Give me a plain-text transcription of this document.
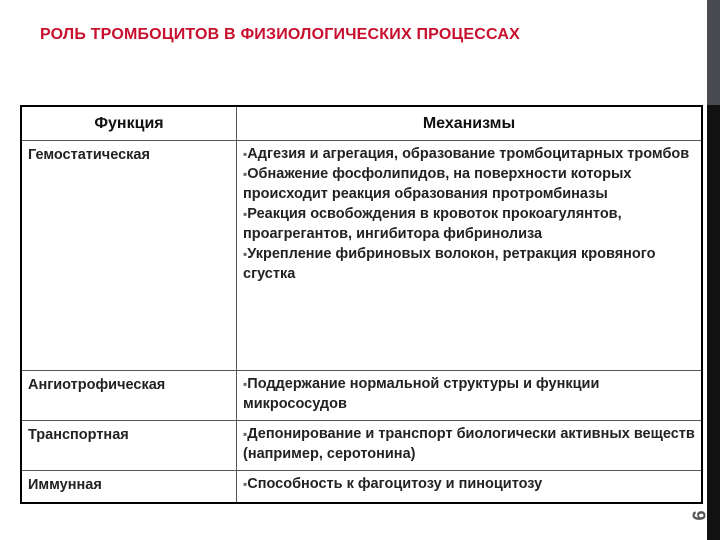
РОЛЬ ТРОМБОЦИТОВ В ФИЗИОЛОГИЧЕСКИХ ПРОЦЕССАХ
Функция	Механизмы
Гемостатическая	▪ Адгезия и агрегация, образование тромбоцитарных тромбов
▪ Обнажение фосфолипидов, на поверхности которых происходит реакция образования протромбиназы
▪ Реакция освобождения в кровоток прокоагулянтов, проагрегантов, ингибитора фибринолиза
▪ Укрепление фибриновых волокон, ретракция кровяного сгустка

Ангиотрофическая	▪ Поддержание нормальной структуры и функции микрососудов

Транспортная	▪ Депонирование и транспорт биологически активных веществ (например, серотонина)

Иммунная	▪ Способность к фагоцитозу и пиноцитозу
9
